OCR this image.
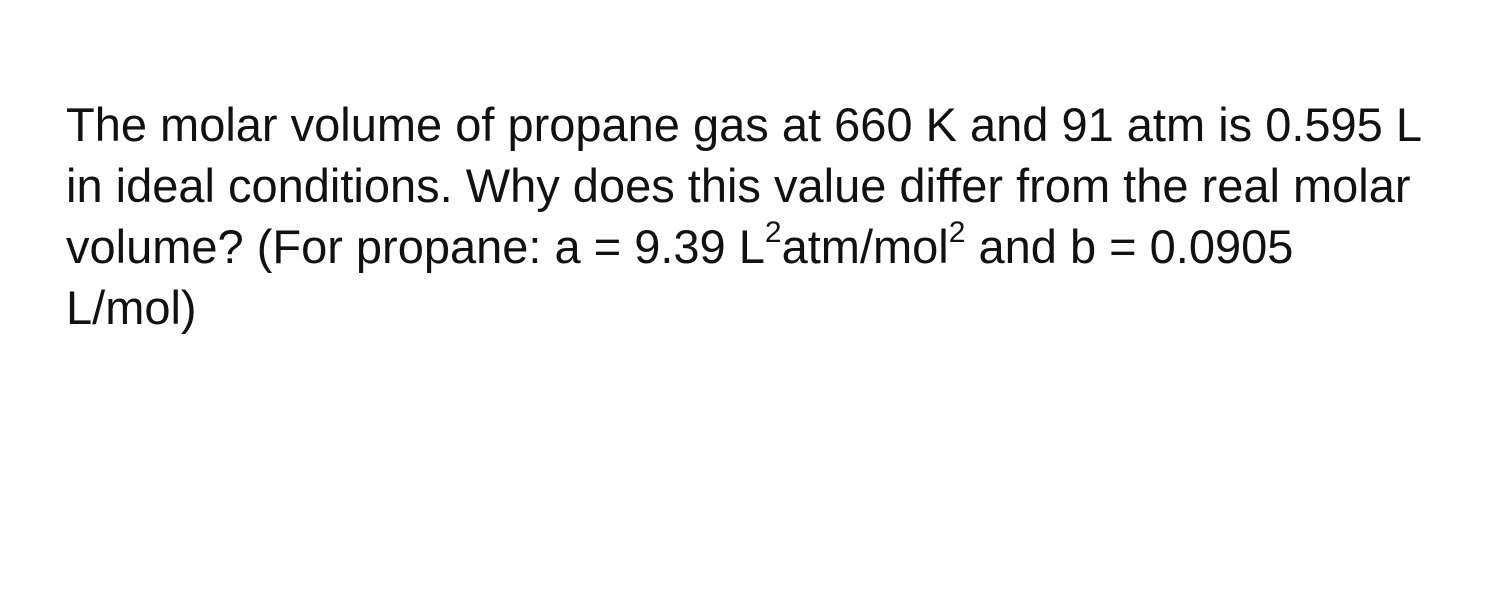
The molar volume of propane gas at 660 K and 91 atm is 0.595 L in ideal conditions. Why does this value differ from the real molar volume? (For propane: a = 9.39 $L^2atm/mol^2$ and b = 0.0905 L/mol)
